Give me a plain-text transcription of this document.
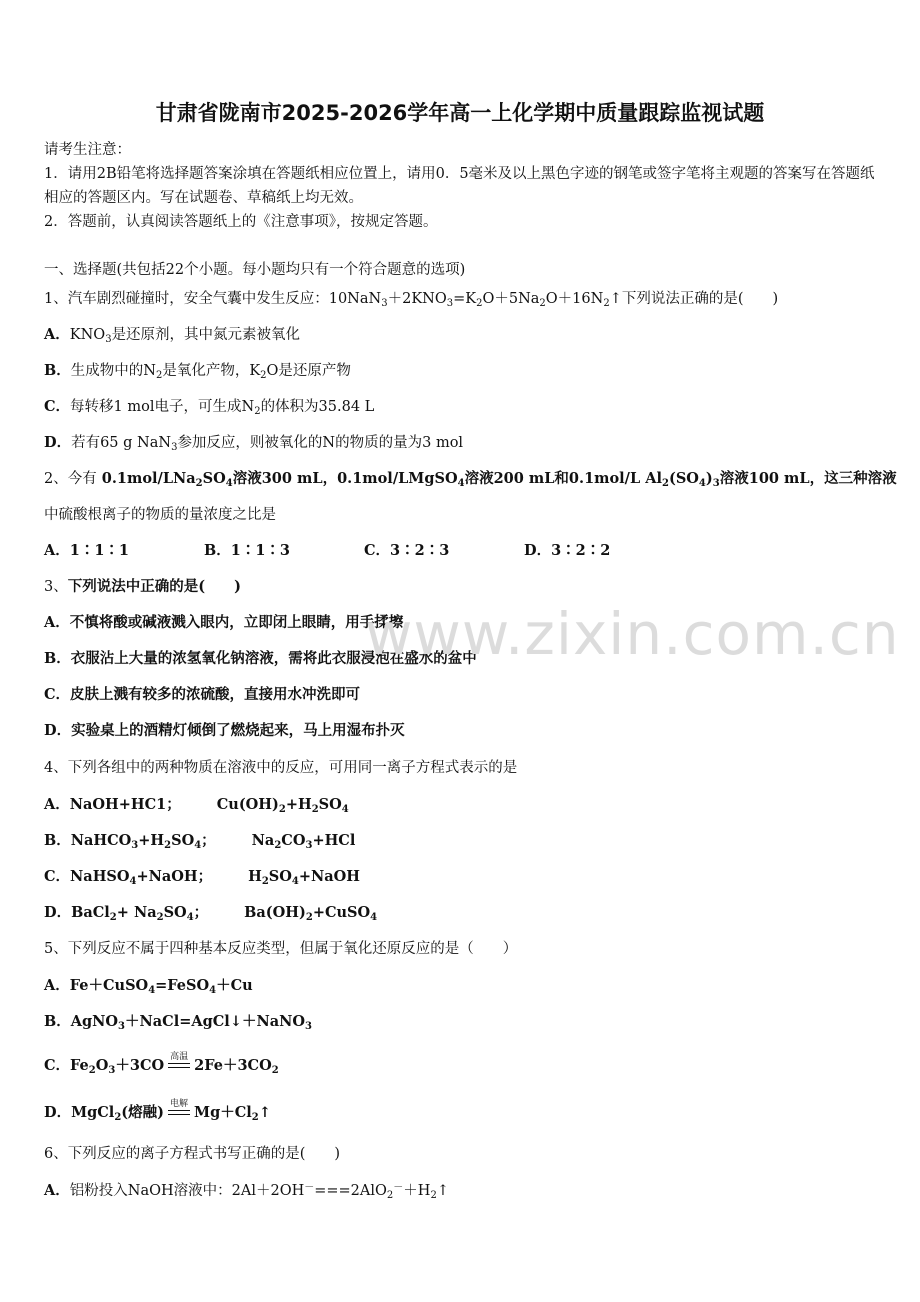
甘肃省陇南市2025-2026学年高一上化学期中质量跟踪监视试题
请考生注意：
1．请用2B铅笔将选择题答案涂填在答题纸相应位置上，请用0．5毫米及以上黑色字迹的钢笔或签字笔将主观题的答案写在答题纸相应的答题区内。写在试题卷、草稿纸上均无效。
2．答题前，认真阅读答题纸上的《注意事项》，按规定答题。
一、选择题(共包括22个小题。每小题均只有一个符合题意的选项)
1、汽车剧烈碰撞时，安全气囊中发生反应：$10NaN_3+2KNO_3=K_2O+5Na_2O+16N_2↑$下列说法正确的是(　　)
A．$KNO_3$是还原剂，其中氮元素被氧化
B．生成物中的$N_2$是氧化产物，$K_2O$是还原产物
C．每转移1 mol电子，可生成$N_2$的体积为35.84 L
D．若有65 g NaN$_3$参加反应，则被氧化的N的物质的量为3 mol
2、今有 $0.1mol/LNa_2SO_4$溶液300 mL，0.1mol/LMgSO$_4$溶液200 mL和0.1mol/L $Al_2(SO_4)_3$溶液100 mL，这三种溶液
中硫酸根离子的物质的量浓度之比是
A．1∶1∶1	B．1∶1∶3	C．3∶2∶3	D．3∶2∶2
3、下列说法中正确的是(　　)
A．不慎将酸或碱液溅入眼内，立即闭上眼睛，用手揉擦
B．衣服沾上大量的浓氢氧化钠溶液，需将此衣服浸泡在盛水的盆中
C．皮肤上溅有较多的浓硫酸，直接用水冲洗即可
D．实验桌上的酒精灯倾倒了燃烧起来，马上用湿布扑灭
4、下列各组中的两种物质在溶液中的反应，可用同一离子方程式表示的是
A．NaOH+HC1； $Cu(OH)_2+H_2SO_4$
B．$NaHCO_3+H_2SO_4$； $Na_2CO_3+HCl$
C．NaHSO$_4$+NaOH； $H_2SO_4+NaOH$
D．BaCl$_2$+ $Na_2SO_4$； $Ba(OH)_2+CuSO_4$
5、下列反应不属于四种基本反应类型，但属于氧化还原反应的是（　　）
A．Fe＋CuSO$_4$=FeSO$_4$＋Cu
B．AgNO$_3$＋NaCl=AgCl↓＋NaNO$_3$
C．$Fe_2O_3+3CO$ 高温 $2Fe+3CO_2$
D．MgCl$_2$(熔融) 电解 $Mg+Cl_2↑$
6、下列反应的离子方程式书写正确的是(　　)
A．铝粉投入NaOH溶液中：$2Al+2OH^-===2AlO_2^-+H_2↑$
www.zixin.com.cn
